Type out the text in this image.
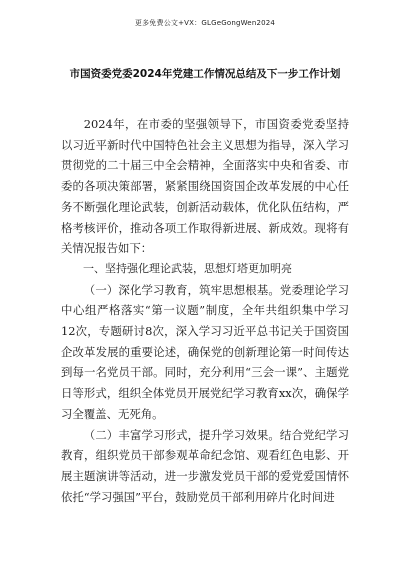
更多免费公文+VX：GLGeGongWen2024
市国资委党委2024年党建工作情况总结及下一步工作计划

2024年，在市委的坚强领导下，市国资委党委坚持以习近平新时代中国特色社会主义思想为指导，深入学习贯彻党的二十届三中全会精神，全面落实中央和省委、市委的各项决策部署，紧紧围绕国资国企改革发展的中心任务不断强化理论武装，创新活动载体，优化队伍结构，严格考核评价，推动各项工作取得新进展、新成效。现将有关情况报告如下：

一、坚持强化理论武装，思想灯塔更加明亮

（一）深化学习教育，筑牢思想根基。党委理论学习中心组严格落实“第一议题”制度，全年共组织集中学习12次，专题研讨8次，深入学习习近平总书记关于国资国企改革发展的重要论述，确保党的创新理论第一时间传达到每一名党员干部。同时，充分利用“三会一课”、主题党日等形式，组织全体党员开展党纪学习教育xx次，确保学习全覆盖、无死角。

（二）丰富学习形式，提升学习效果。结合党纪学习教育，组织党员干部参观革命纪念馆、观看红色电影、开展主题演讲等活动，进一步激发党员干部的爱党爱国情怀依托“学习强国”平台，鼓励党员干部利用碎片化时间进
